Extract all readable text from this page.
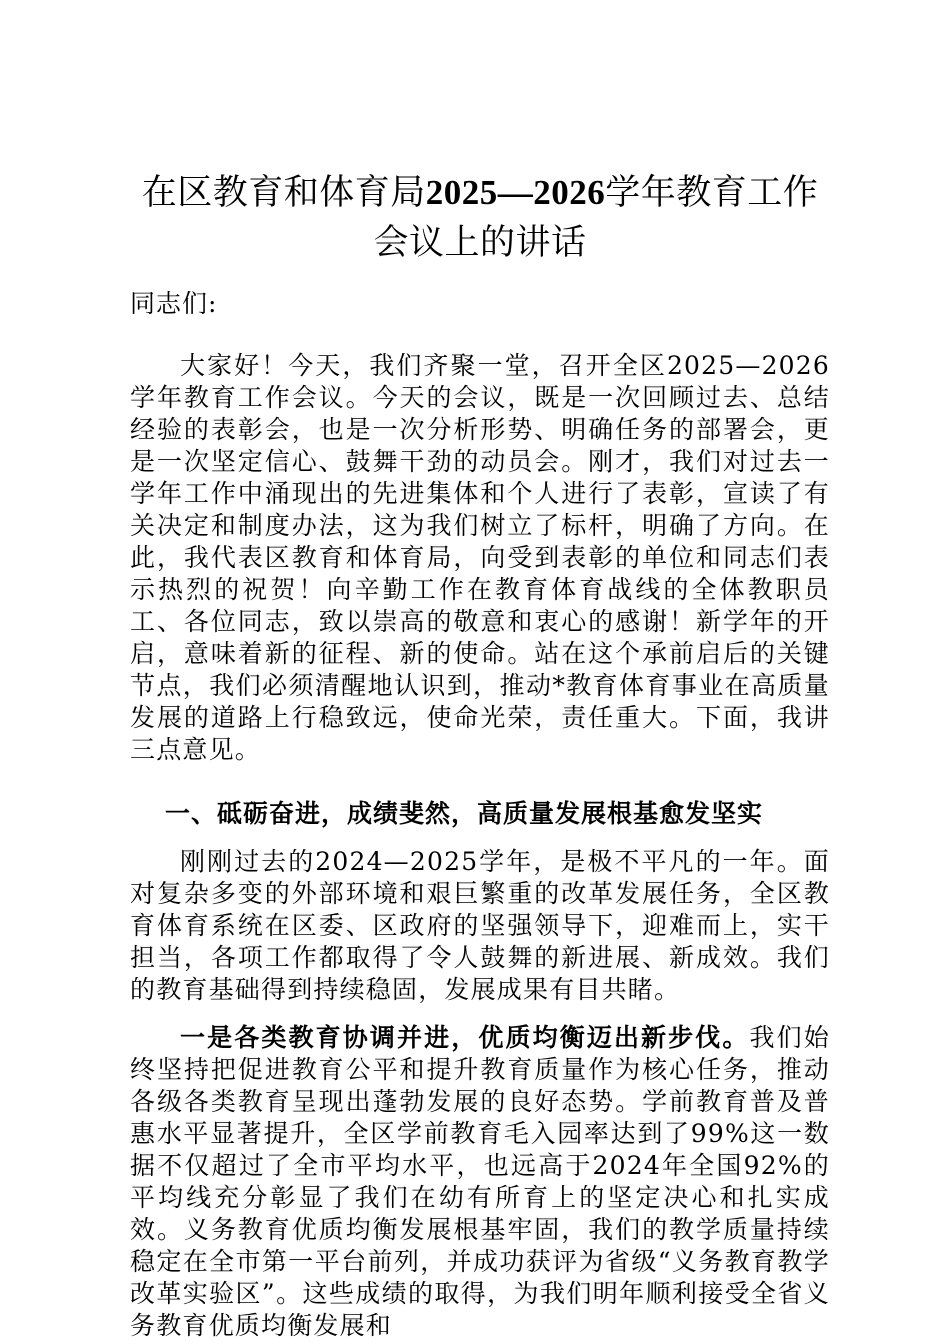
在区教育和体育局2025—2026学年教育工作
会议上的讲话

同志们:

大家好！今天，我们齐聚一堂，召开全区2025—2026学年教育工作会议。今天的会议，既是一次回顾过去、总结经验的表彰会，也是一次分析形势、明确任务的部署会，更是一次坚定信心、鼓舞干劲的动员会。刚才，我们对过去一学年工作中涌现出的先进集体和个人进行了表彰，宣读了有关决定和制度办法，这为我们树立了标杆，明确了方向。在此，我代表区教育和体育局，向受到表彰的单位和同志们表示热烈的祝贺！向辛勤工作在教育体育战线的全体教职员工、各位同志，致以崇高的敬意和衷心的感谢！新学年的开启，意味着新的征程、新的使命。站在这个承前启后的关键节点，我们必须清醒地认识到，推动*教育体育事业在高质量发展的道路上行稳致远，使命光荣，责任重大。下面，我讲三点意见。

一、砥砺奋进，成绩斐然，高质量发展根基愈发坚实

刚刚过去的2024—2025学年，是极不平凡的一年。面对复杂多变的外部环境和艰巨繁重的改革发展任务，全区教育体育系统在区委、区政府的坚强领导下，迎难而上，实干担当，各项工作都取得了令人鼓舞的新进展、新成效。我们的教育基础得到持续稳固，发展成果有目共睹。

一是各类教育协调并进，优质均衡迈出新步伐。我们始终坚持把促进教育公平和提升教育质量作为核心任务，推动各级各类教育呈现出蓬勃发展的良好态势。学前教育普及普惠水平显著提升，全区学前教育毛入园率达到了99%这一数据不仅超过了全市平均水平，也远高于2024年全国92%的平均线充分彰显了我们在幼有所育上的坚定决心和扎实成效。义务教育优质均衡发展根基牢固，我们的教学质量持续稳定在全市第一平台前列，并成功获评为省级“义务教育教学改革实验区”。这些成绩的取得，为我们明年顺利接受全省义务教育优质均衡发展和
